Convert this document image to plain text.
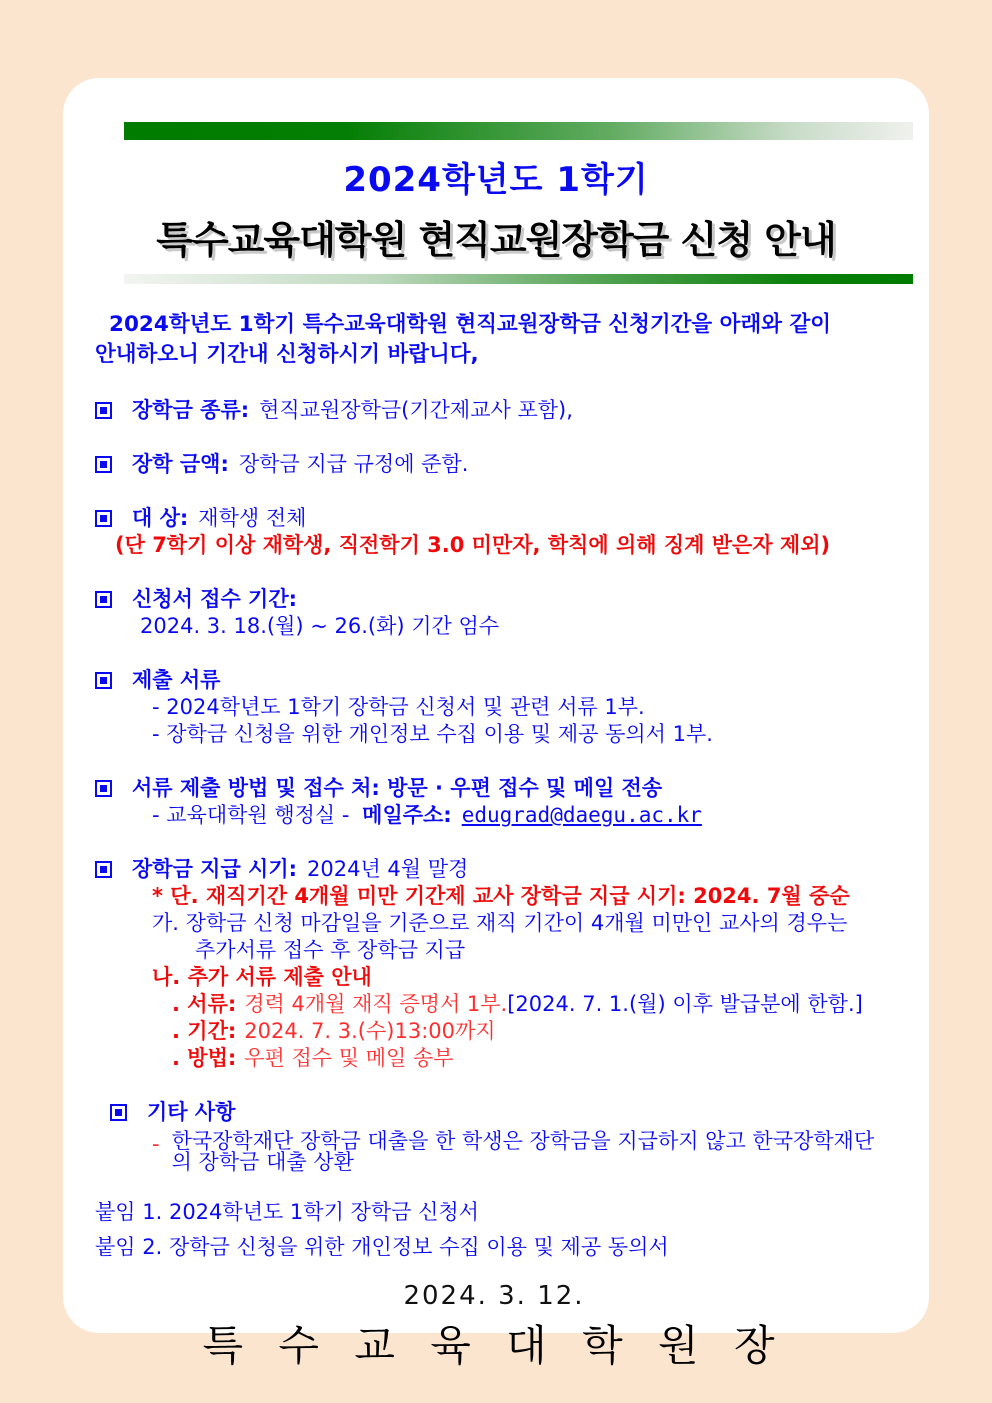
2024학년도 1학기
특수교육대학원 현직교원장학금 신청 안내
2024학년도 1학기 특수교육대학원 현직교원장학금 신청기간을 아래와 같이
안내하오니 기간내 신청하시기 바랍니다,
장학금 종류: 현직교원장학금(기간제교사 포함),
장학 금액: 장학금 지급 규정에 준함.
대 상: 재학생 전체
(단 7학기 이상 재학생, 직전학기 3.0 미만자, 학칙에 의해 징계 받은자 제외)
신청서 접수 기간:
2024. 3. 18.(월) ~ 26.(화) 기간 엄수
제출 서류
- 2024학년도 1학기 장학금 신청서 및 관련 서류 1부.
- 장학금 신청을 위한 개인정보 수집 이용 및 제공 동의서 1부.
서류 제출 방법 및 접수 처: 방문 · 우편 접수 및 메일 전송
- 교육대학원 행정실 - 메일주소: edugrad@daegu.ac.kr
장학금 지급 시기: 2024년 4월 말경
* 단. 재직기간 4개월 미만 기간제 교사 장학금 지급 시기: 2024. 7월 중순
가. 장학금 신청 마감일을 기준으로 재직 기간이 4개월 미만인 교사의 경우는
추가서류 접수 후 장학금 지급
나. 추가 서류 제출 안내
. 서류: 경력 4개월 재직 증명서 1부.[2024. 7. 1.(월) 이후 발급분에 한함.]
. 기간: 2024. 7. 3.(수)13:00까지
. 방법: 우편 접수 및 메일 송부
기타 사항
- 한국장학재단 장학금 대출을 한 학생은 장학금을 지급하지 않고 한국장학재단의 장학금 대출 상환
붙임 1. 2024학년도 1학기 장학금 신청서
붙임 2. 장학금 신청을 위한 개인정보 수집 이용 및 제공 동의서
2024. 3. 12.
특 수 교 육 대 학 원 장
